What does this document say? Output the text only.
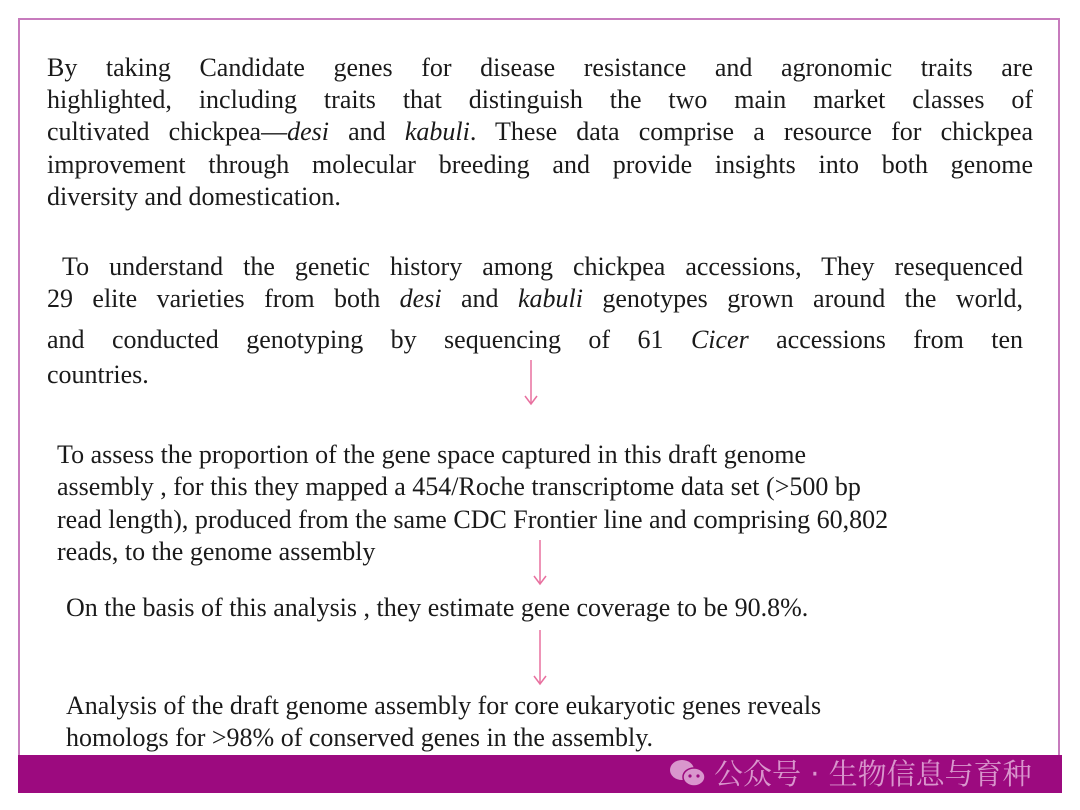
By taking Candidate genes for disease resistance and agronomic traits are
highlighted, including traits that distinguish the two main market classes of
cultivated chickpea—desi and kabuli. These data comprise a resource for chickpea
improvement through molecular breeding and provide insights into both genome
diversity and domestication.
To understand the genetic history among chickpea accessions, They resequenced
29 elite varieties from both desi and kabuli genotypes grown around the world,
and conducted genotyping by sequencing of 61 Cicer accessions from ten
countries.
To assess the proportion of the gene space captured in this draft genome
assembly , for this they mapped a 454/Roche transcriptome data set (>500 bp
read length), produced from the same CDC Frontier line and comprising 60,802
reads, to the genome assembly
On the basis of this analysis , they estimate gene coverage to be 90.8%.
Analysis of the draft genome assembly for core eukaryotic genes reveals
homologs for >98% of conserved genes in the assembly.
公众号 · 生物信息与育种
